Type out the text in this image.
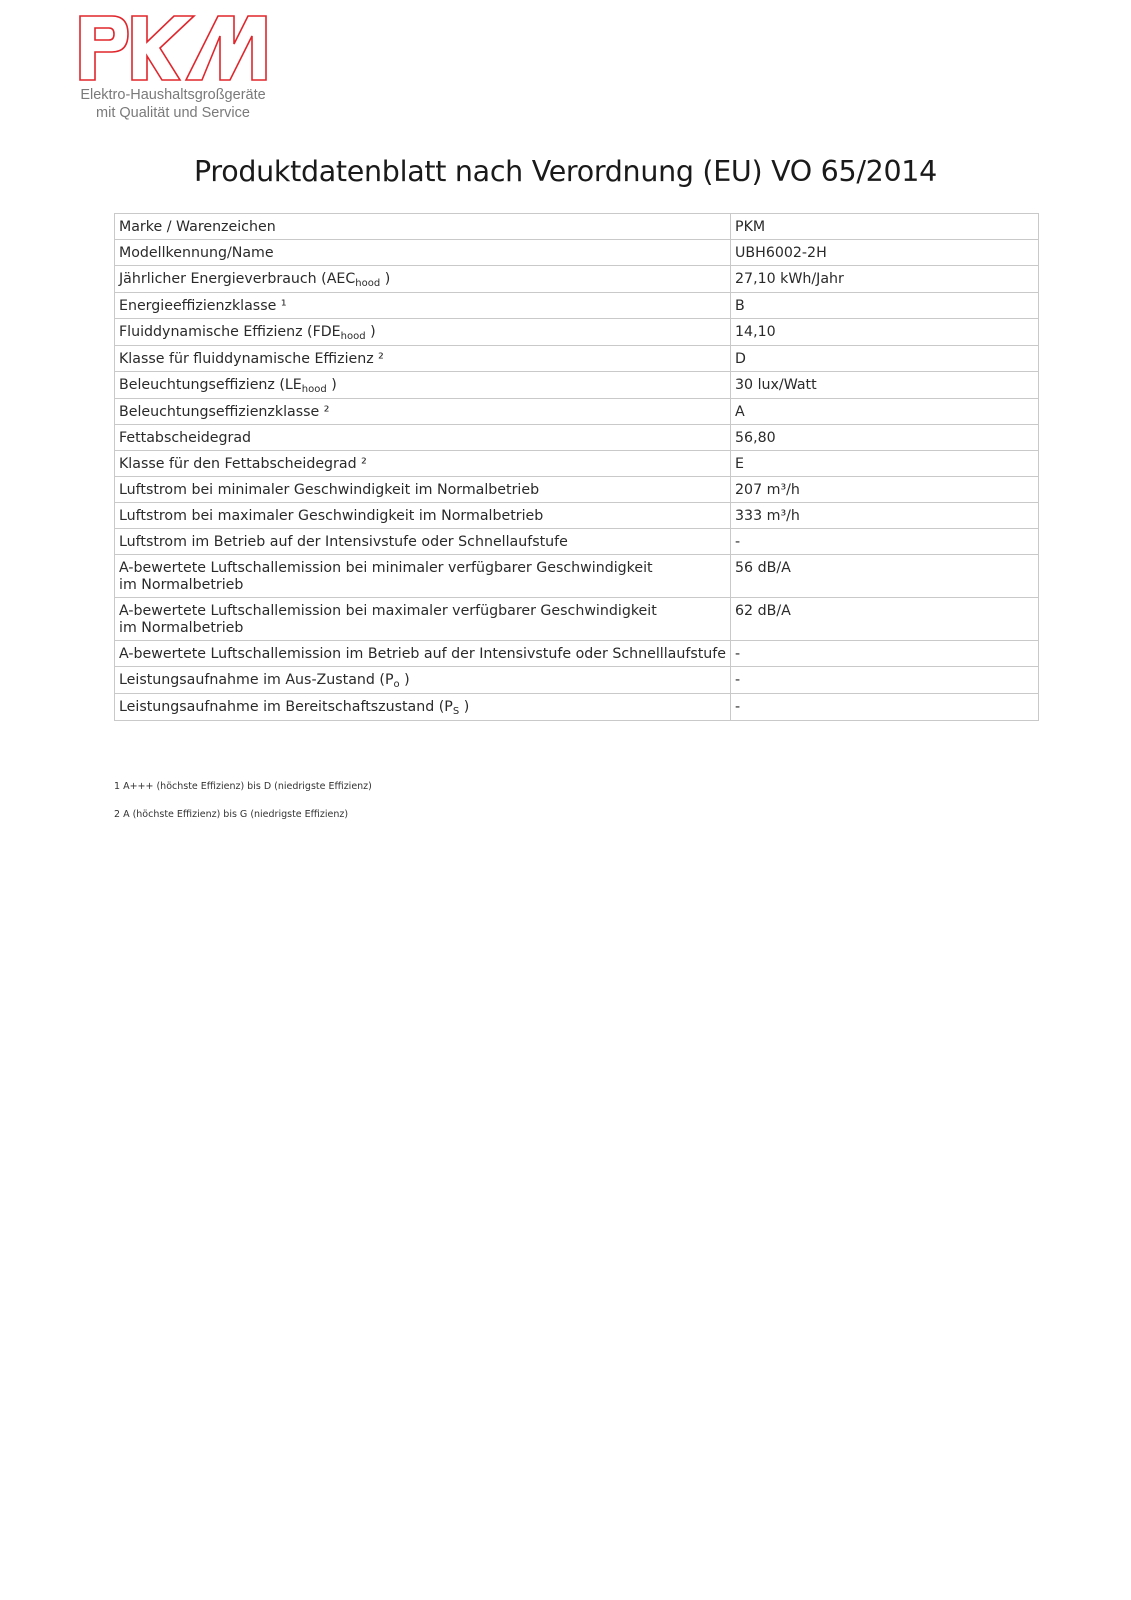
PKM
Elektro-Haushaltsgroßgeräte
mit Qualität und Service
Produktdatenblatt nach Verordnung (EU) VO 65/2014
Marke / Warenzeichen	PKM
Modellkennung/Name	UBH6002-2H
Jährlicher Energieverbrauch ($AEC_{hood}$ )	27,10 kWh/Jahr
Energieeffizienzklasse ¹	B
Fluiddynamische Effizienz ($FDE_{hood}$ )	14,10
Klasse für fluiddynamische Effizienz ²	D
Beleuchtungseffizienz ($LE_{hood}$ )	30 lux/Watt
Beleuchtungseffizienzklasse ²	A
Fettabscheidegrad	56,80
Klasse für den Fettabscheidegrad ²	E
Luftstrom bei minimaler Geschwindigkeit im Normalbetrieb	207 m³/h
Luftstrom bei maximaler Geschwindigkeit im Normalbetrieb	333 m³/h
Luftstrom im Betrieb auf der Intensivstufe oder Schnellaufstufe	-
A-bewertete Luftschallemission bei minimaler verfügbarer Geschwindigkeit
im Normalbetrieb	56 dB/A
A-bewertete Luftschallemission bei maximaler verfügbarer Geschwindigkeit
im Normalbetrieb	62 dB/A
A-bewertete Luftschallemission im Betrieb auf der Intensivstufe oder Schnelllaufstufe	-
Leistungsaufnahme im Aus-Zustand ($P_o$ )	-
Leistungsaufnahme im Bereitschaftszustand ($P_S$ )	-
1 A+++ (höchste Effizienz) bis D (niedrigste Effizienz)
2 A (höchste Effizienz) bis G (niedrigste Effizienz)
